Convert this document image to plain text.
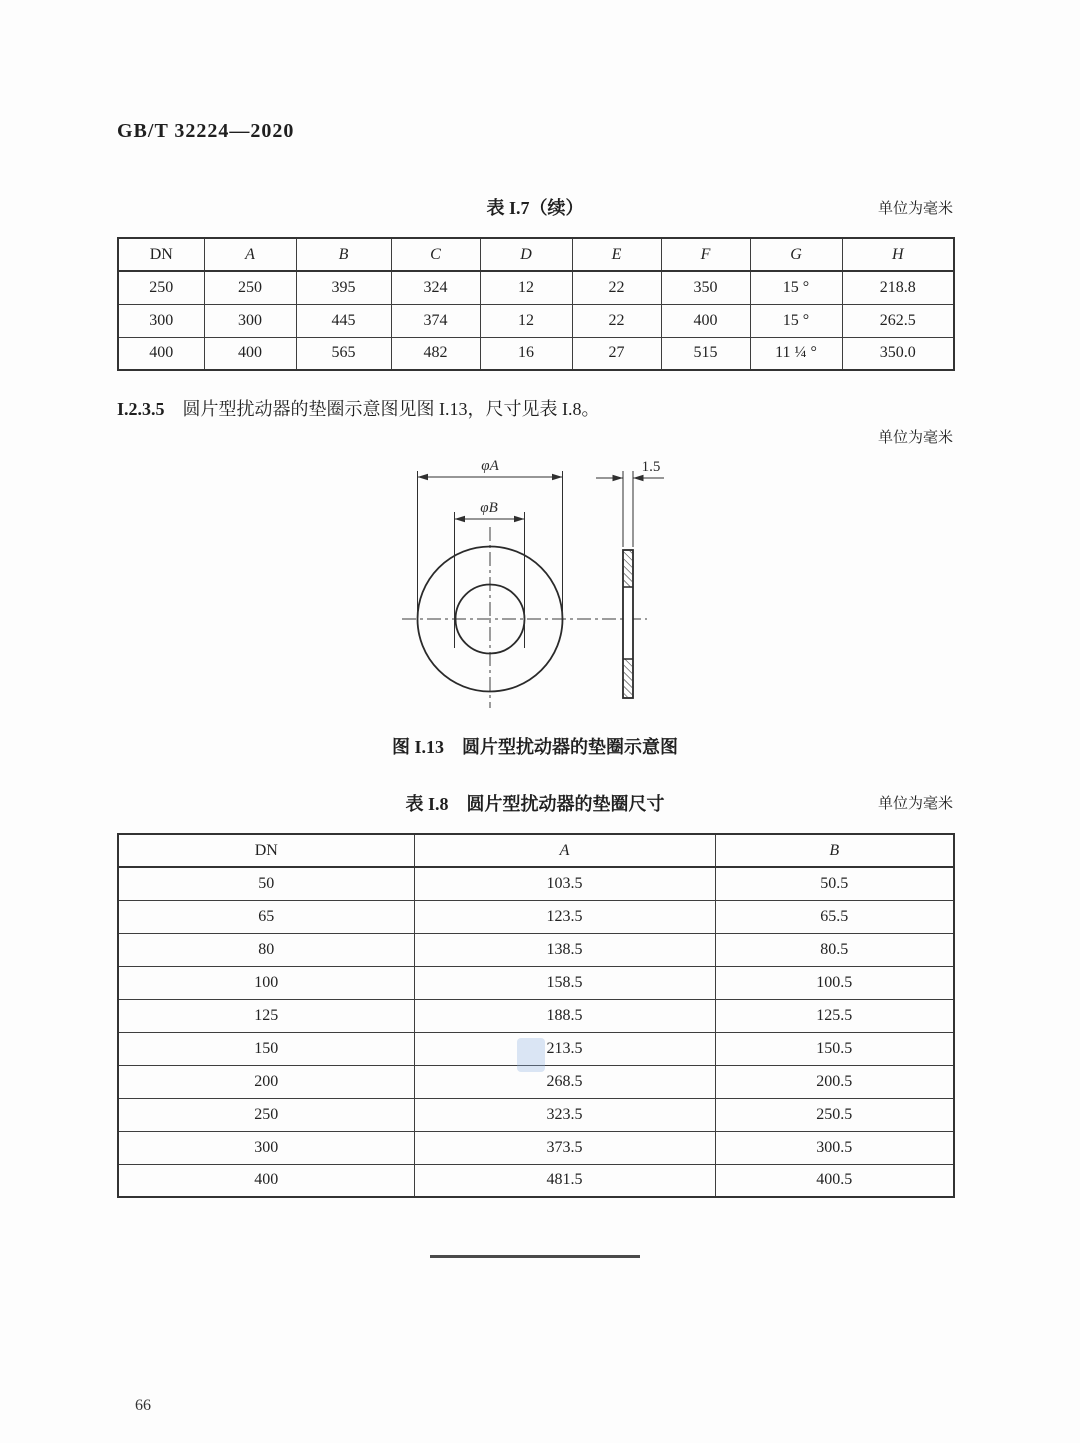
GB/T 32224—2020
表 I.7（续）	单位为毫米
DN	A	B	C	D	E	F	G	H
250	250	395	324	12	22	350	15 °	218.8
300	300	445	374	12	22	400	15 °	262.5
400	400	565	482	16	27	515	11 ¼ °	350.0
I.2.3.5 圆片型扰动器的垫圈示意图见图 I.13，尺寸见表 I.8。
单位为毫米
φA
φB
1.5
图 I.13　圆片型扰动器的垫圈示意图
表 I.8　圆片型扰动器的垫圈尺寸	单位为毫米
DN	A	B
50	103.5	50.5
65	123.5	65.5
80	138.5	80.5
100	158.5	100.5
125	188.5	125.5
150	213.5	150.5
200	268.5	200.5
250	323.5	250.5
300	373.5	300.5
400	481.5	400.5
66
